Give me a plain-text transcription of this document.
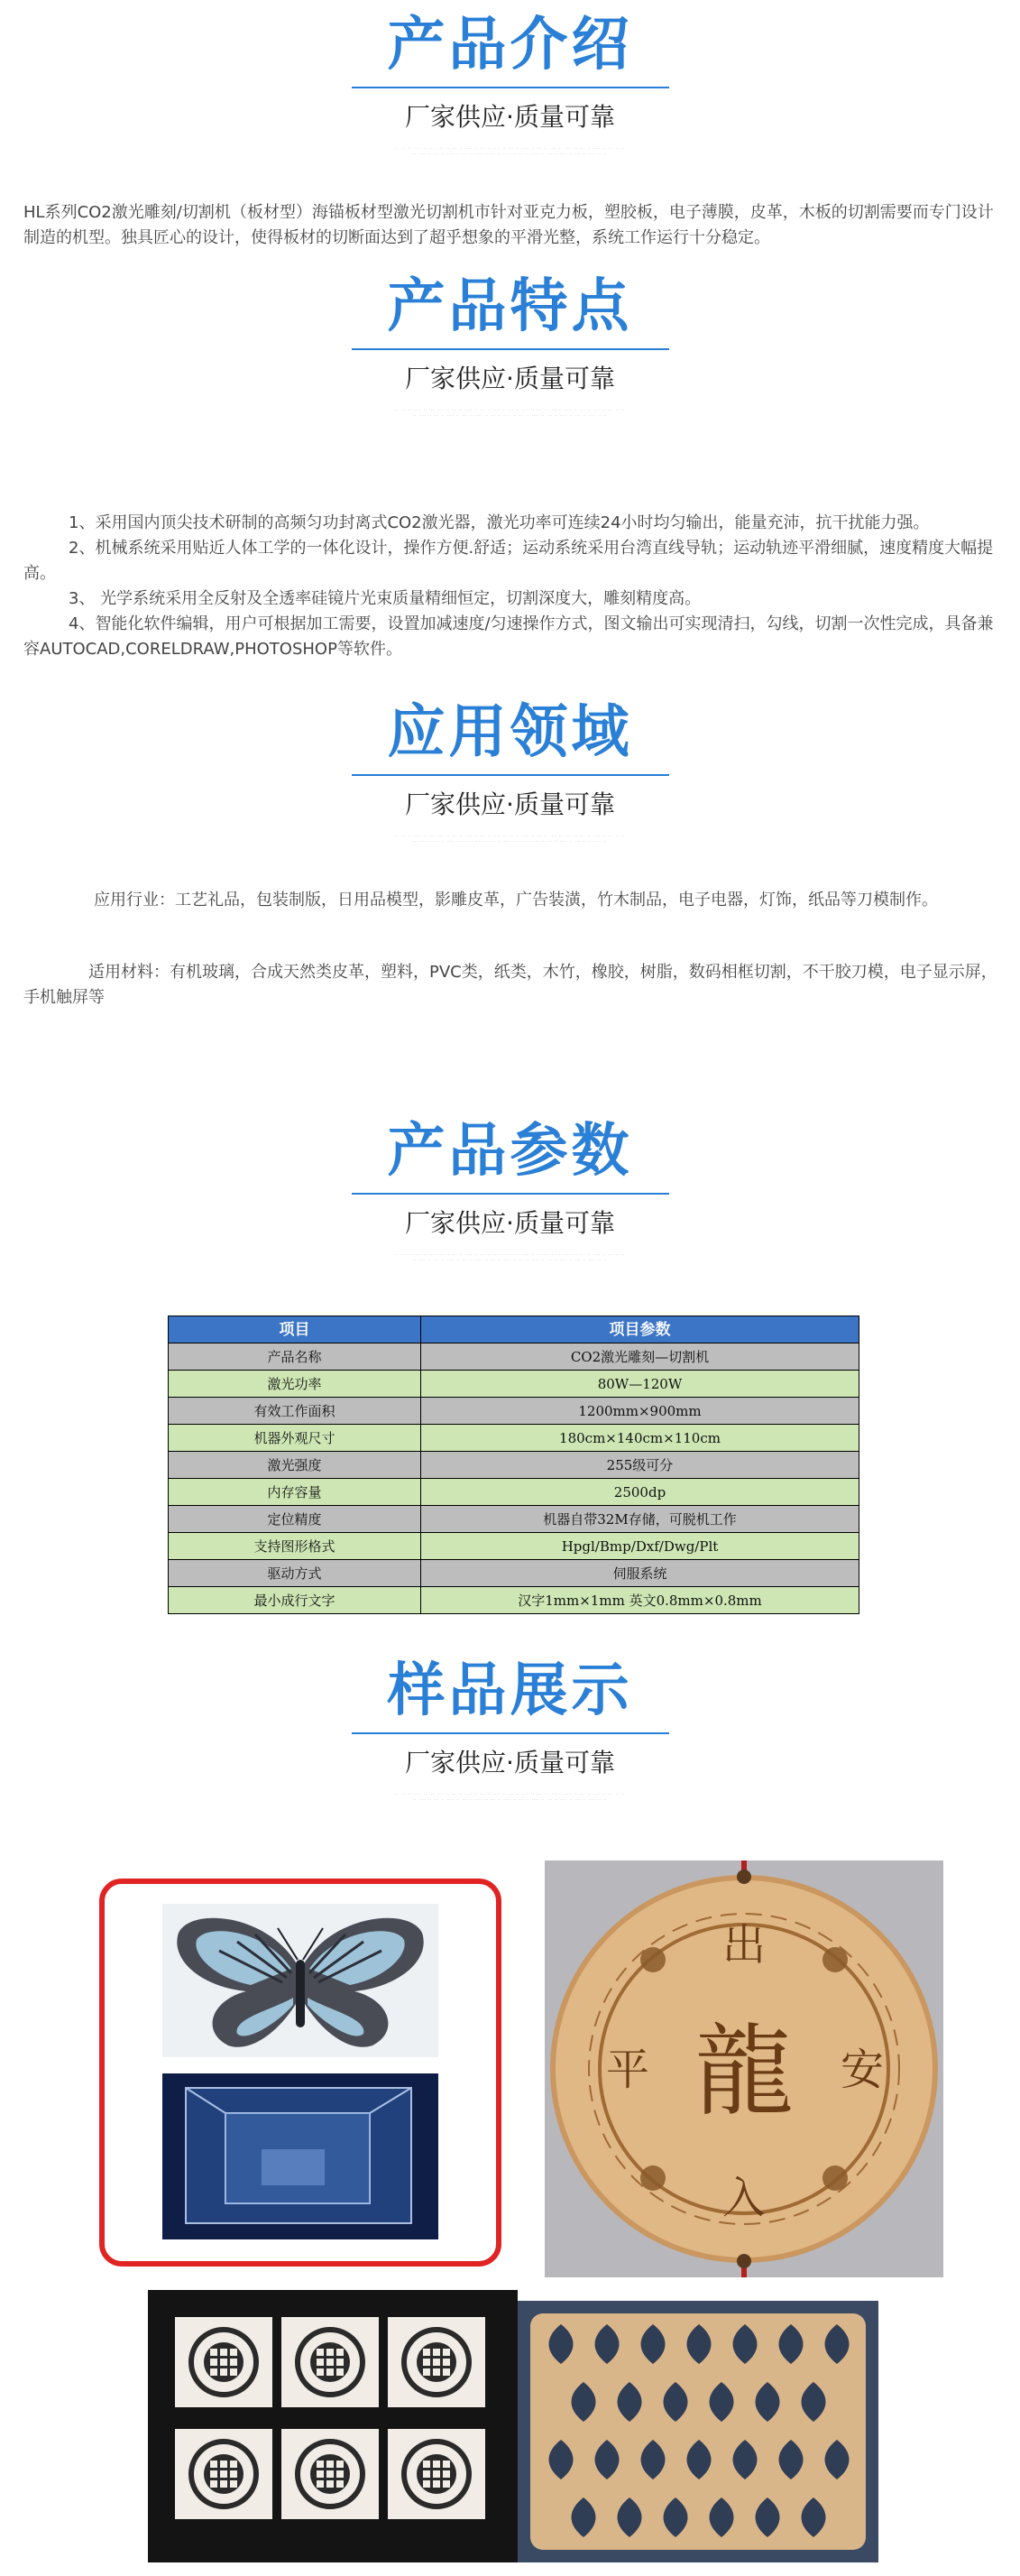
产品介绍
厂家供应·质量可靠
·· ··· ·· ···· ·· ··· ···· ·· ··· ·· ···· ·· ··· ·· ···· ·· ··· ·· ···· ·· ··· ·· ···· ·· ···· ·· ··· ·· ···· ·· ··· ·· ··
·· ···· ·· ··· ·· ···· ·· ··· ·· ···· ·· ··· ·· ···· ·· ··· ·· ···· ·· ··· ·· ···· ·· ··· ·· ···· ·· ··

HL系列CO2激光雕刻/切割机（板材型）海锚板材型激光切割机市针对亚克力板，塑胶板，电子薄膜，皮革，木板的切割需要而专门设计制造的机型。独具匠心的设计，使得板材的切断面达到了超乎想象的平滑光整，系统工作运行十分稳定。

产品特点
厂家供应·质量可靠
·· ··· ·· ···· ·· ··· ···· ·· ··· ·· ···· ·· ··· ·· ···· ·· ··· ·· ···· ·· ··· ·· ···· ·· ···· ·· ··· ·· ···· ·· ··· ·· ··
·· ···· ·· ··· ·· ···· ·· ··· ·· ···· ·· ··· ·· ···· ·· ··· ·· ···· ·· ··· ·· ···· ·· ··· ·· ···· ·· ··

1、采用国内顶尖技术研制的高频匀功封离式CO2激光器，激光功率可连续24小时均匀输出，能量充沛，抗干扰能力强。

2、机械系统采用贴近人体工学的一体化设计，操作方便.舒适；运动系统采用台湾直线导轨；运动轨迹平滑细腻，速度精度大幅提高。

3、 光学系统采用全反射及全透率硅镜片光束质量精细恒定，切割深度大，雕刻精度高。

4、智能化软件编辑，用户可根据加工需要，设置加减速度/匀速操作方式，图文输出可实现清扫，勾线，切割一次性完成，具备兼容AUTOCAD,CORELDRAW,PHOTOSHOP等软件。

应用领域
厂家供应·质量可靠
·· ··· ·· ···· ·· ··· ···· ·· ··· ·· ···· ·· ··· ·· ···· ·· ··· ·· ···· ·· ··· ·· ···· ·· ···· ·· ··· ·· ···· ·· ··· ·· ··
·· ···· ·· ··· ·· ···· ·· ··· ·· ···· ·· ··· ·· ···· ·· ··· ·· ···· ·· ··· ·· ···· ·· ··· ·· ···· ·· ··

应用行业：工艺礼品，包装制版，日用品模型，影雕皮革，广告装潢，竹木制品，电子电器，灯饰，纸品等刀模制作。

适用材料：有机玻璃，合成天然类皮革，塑料，PVC类，纸类，木竹，橡胶，树脂，数码相框切割，不干胶刀模，电子显示屏，手机触屏等

产品参数
厂家供应·质量可靠
·· ··· ·· ···· ·· ··· ···· ·· ··· ·· ···· ·· ··· ·· ···· ·· ··· ·· ···· ·· ··· ·· ···· ·· ···· ·· ··· ·· ···· ·· ··· ·· ··
·· ···· ·· ··· ·· ···· ·· ··· ·· ···· ·· ··· ·· ···· ·· ··· ·· ···· ·· ··· ·· ···· ·· ··· ·· ···· ·· ··
项目	项目参数
产品名称	CO2激光雕刻—切割机
激光功率	80W—120W
有效工作面积	1200mm×900mm
机器外观尺寸	180cm×140cm×110cm
激光强度	255级可分
内存容量	2500dp
定位精度	机器自带32M存储，可脱机工作
支持图形格式	Hpgl/Bmp/Dxf/Dwg/Plt
驱动方式	伺服系统
最小成行文字	汉字1mm×1mm 英文0.8mm×0.8mm
样品展示
厂家供应·质量可靠
·· ··· ·· ···· ·· ··· ···· ·· ··· ·· ···· ·· ··· ·· ···· ·· ··· ·· ···· ·· ··· ·· ···· ·· ···· ·· ··· ·· ···· ·· ··· ·· ··
·· ···· ·· ··· ·· ···· ·· ··· ·· ···· ·· ··· ·· ···· ·· ··· ·· ···· ·· ··· ·· ···· ·· ··· ·· ···· ·· ··
出
平 龍 安
入
